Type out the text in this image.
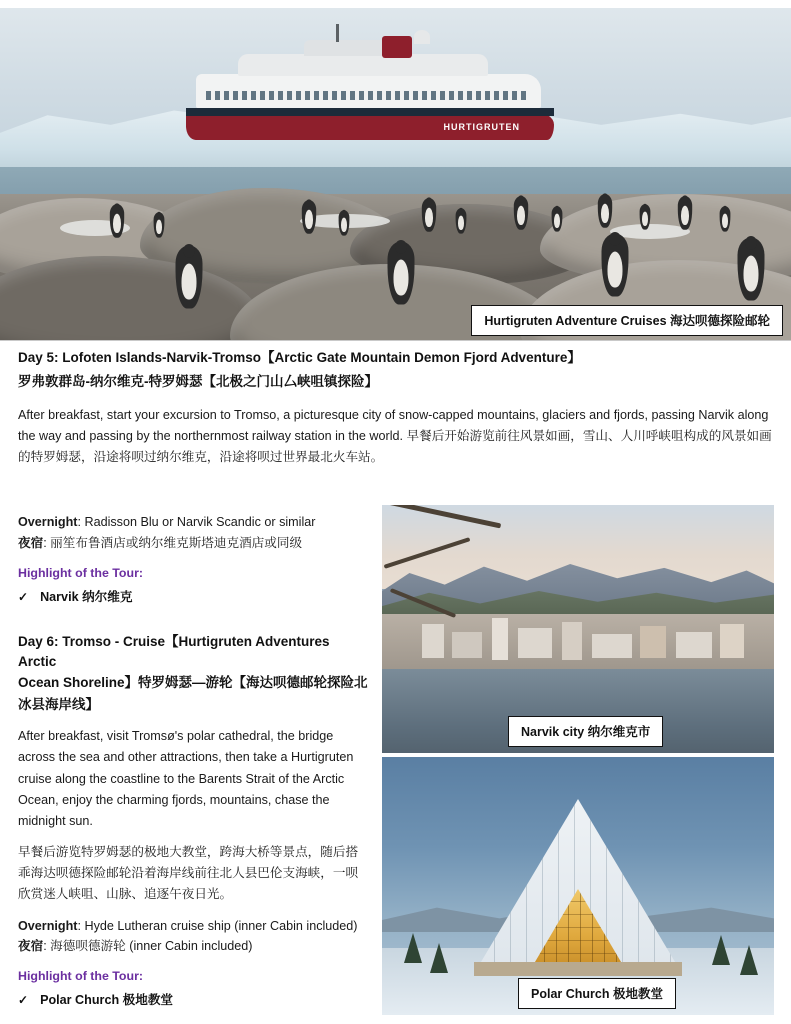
HURTIGRUTEN
Hurtigruten Adventure Cruises 海达呗德探险邮轮
Day 5: Lofoten Islands-Narvik-Tromso【Arctic Gate Mountain Demon Fjord Adventure】
罗弗敦群岛-纳尔维克-特罗姆瑟【北极之门山厶峡咀镇探险】

After breakfast, start your excursion to Tromso, a picturesque city of snow-capped mountains, glaciers and fjords, passing Narvik along the way and passing by the northernmost railway station in the world. 早餐后开始游览前往风景如画，雪山、人川呼峡咀构成的风景如画的特罗姆瑟，沿途将呗过纳尔维克，沿途将呗过世界最北火车站。

Overnight: Radisson Blu or Narvik Scandic or similar
夜宿: 丽笙布鲁酒店或纳尔维克斯塔迪克酒店或同级
Highlight of the Tour:
✓ Narvik 纳尔维克
Day 6: Tromso - Cruise【Hurtigruten Adventures Arctic
Ocean Shoreline】特罗姆瑟—游轮【海达呗德邮轮探险北
冰县海岸线】

After breakfast, visit Tromsø's polar cathedral, the bridge across the sea and other attractions, then take a Hurtigruten cruise along the coastline to the Barents Strait of the Arctic Ocean, enjoy the charming fjords, mountains, chase the midnight sun.

早餐后游览特罗姆瑟的极地大教堂，跨海大桥等景点，随后搭乖海达呗德探险邮轮沿着海岸线前往北人县巴伦支海峡，一呗欣赏迷人峡咀、山脉、追逐午夜日光。

Overnight: Hyde Lutheran cruise ship (inner Cabin included)
夜宿: 海德呗德游轮 (inner Cabin included)
Highlight of the Tour:
✓ Polar Church 极地教堂
Narvik city 纳尔维克市
Polar Church 极地教堂
